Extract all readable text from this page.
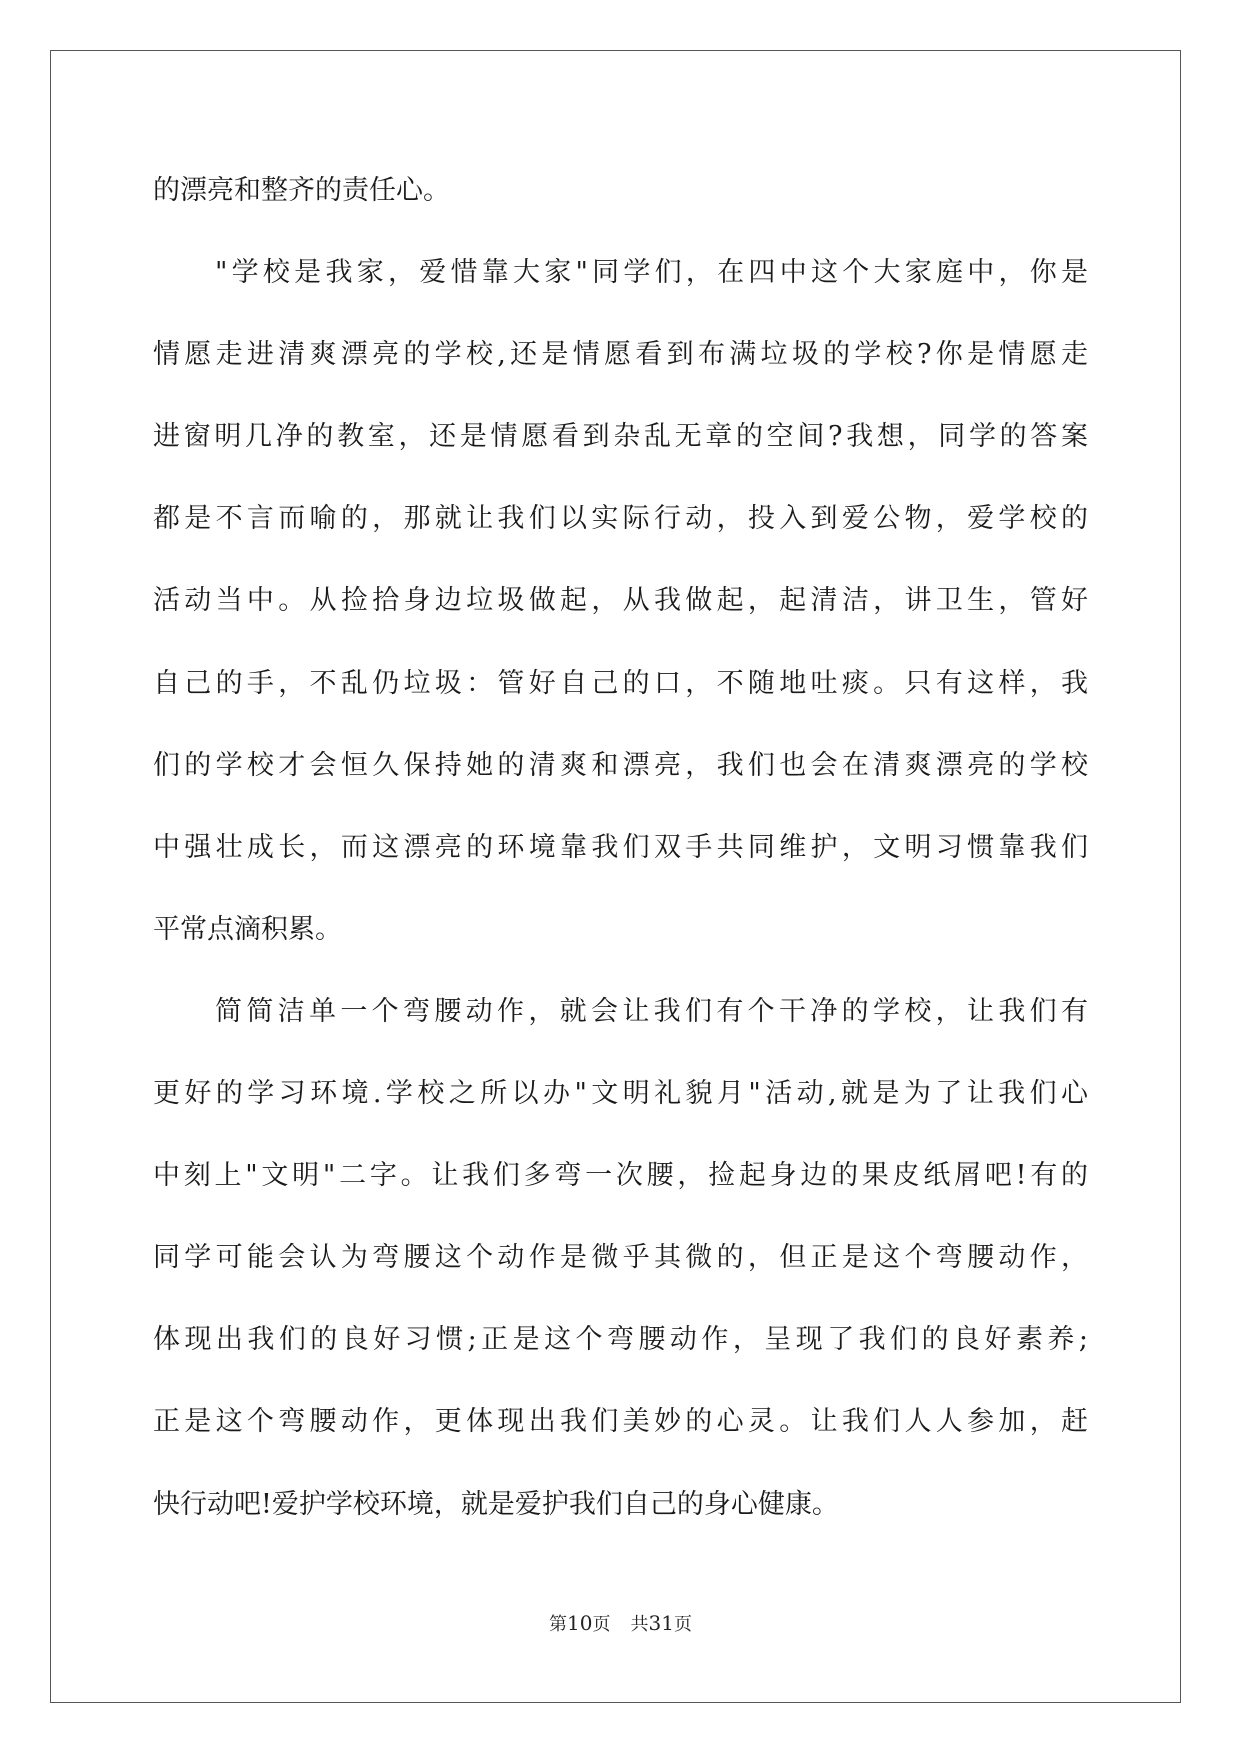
的漂亮和整齐的责任心。
"学校是我家，爱惜靠大家"同学们，在四中这个大家庭中，你是
情愿走进清爽漂亮的学校,还是情愿看到布满垃圾的学校?你是情愿走
进窗明几净的教室，还是情愿看到杂乱无章的空间?我想，同学的答案
都是不言而喻的，那就让我们以实际行动，投入到爱公物，爱学校的
活动当中。从捡拾身边垃圾做起，从我做起，起清洁，讲卫生，管好
自己的手，不乱仍垃圾：管好自己的口，不随地吐痰。只有这样，我
们的学校才会恒久保持她的清爽和漂亮，我们也会在清爽漂亮的学校
中强壮成长，而这漂亮的环境靠我们双手共同维护，文明习惯靠我们
平常点滴积累。
简简洁单一个弯腰动作，就会让我们有个干净的学校，让我们有
更好的学习环境.学校之所以办"文明礼貌月"活动,就是为了让我们心
中刻上"文明"二字。让我们多弯一次腰，捡起身边的果皮纸屑吧!有的
同学可能会认为弯腰这个动作是微乎其微的，但正是这个弯腰动作，
体现出我们的良好习惯;正是这个弯腰动作，呈现了我们的良好素养;
正是这个弯腰动作，更体现出我们美妙的心灵。让我们人人参加，赶
快行动吧!爱护学校环境，就是爱护我们自己的身心健康。
第10页 共31页
